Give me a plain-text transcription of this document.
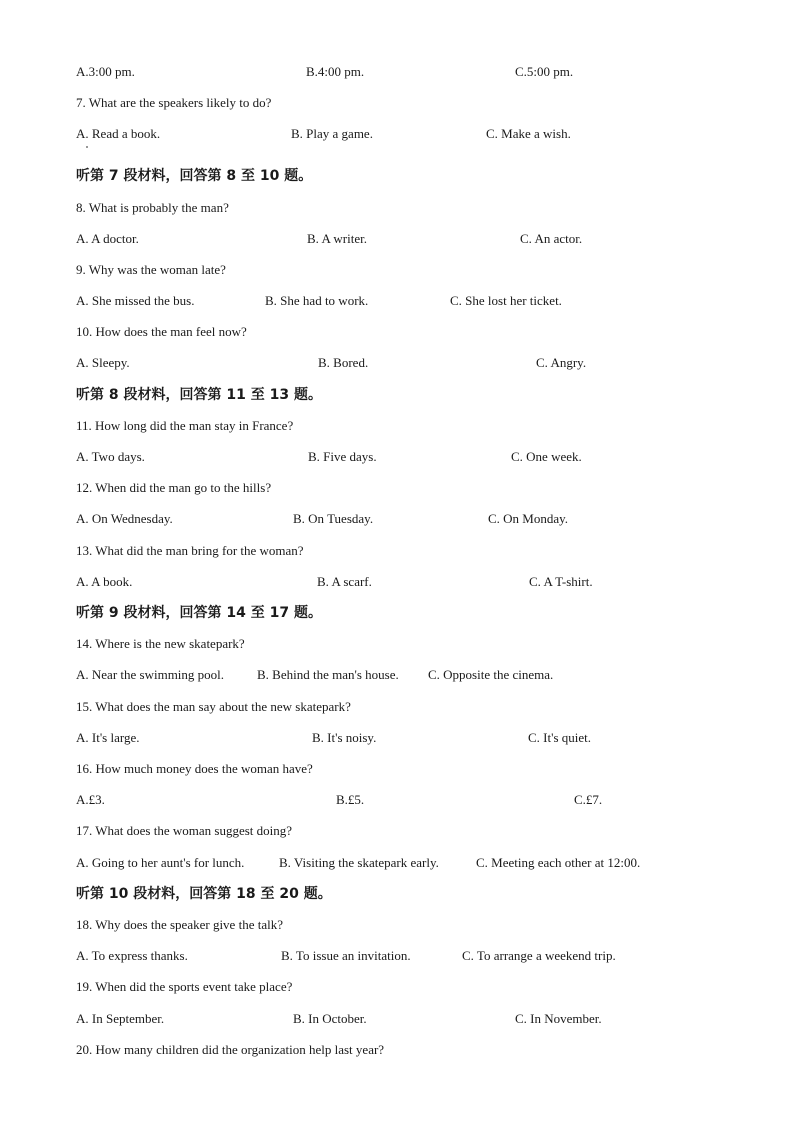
A.3:00 pm.	B.4:00 pm.	C.5:00 pm.
7. What are the speakers likely to do?
A. Read a book.	B. Play a game.	C. Make a wish.
听第 7 段材料，回答第 8 至 10 题。
8. What is probably the man?
A. A doctor.	B. A writer.	C. An actor.
9. Why was the woman late?
A. She missed the bus.	B. She had to work.	C. She lost her ticket.
10. How does the man feel now?
A. Sleepy.	B. Bored.	C. Angry.
听第 8 段材料，回答第 11 至 13 题。
11. How long did the man stay in France?
A. Two days.	B. Five days.	C. One week.
12. When did the man go to the hills?
A. On Wednesday.	B. On Tuesday.	C. On Monday.
13. What did the man bring for the woman?
A. A book.	B. A scarf.	C. A T-shirt.
听第 9 段材料，回答第 14 至 17 题。
14. Where is the new skatepark?
A. Near the swimming pool.	B. Behind the man's house. C. Opposite the cinema.
15. What does the man say about the new skatepark?
A. It's large.	B. It's noisy.	C. It's quiet.
16. How much money does the woman have?
A.£3.	B.£5.	C.£7.
17. What does the woman suggest doing?
A. Going to her aunt's for lunch.	B. Visiting the skatepark early.	C. Meeting each other at 12:00.
听第 10 段材料，回答第 18 至 20 题。
18. Why does the speaker give the talk?
A. To express thanks.	B. To issue an invitation.	C. To arrange a weekend trip.
19. When did the sports event take place?
A. In September.	B. In October.	C. In November.
20. How many children did the organization help last year?
